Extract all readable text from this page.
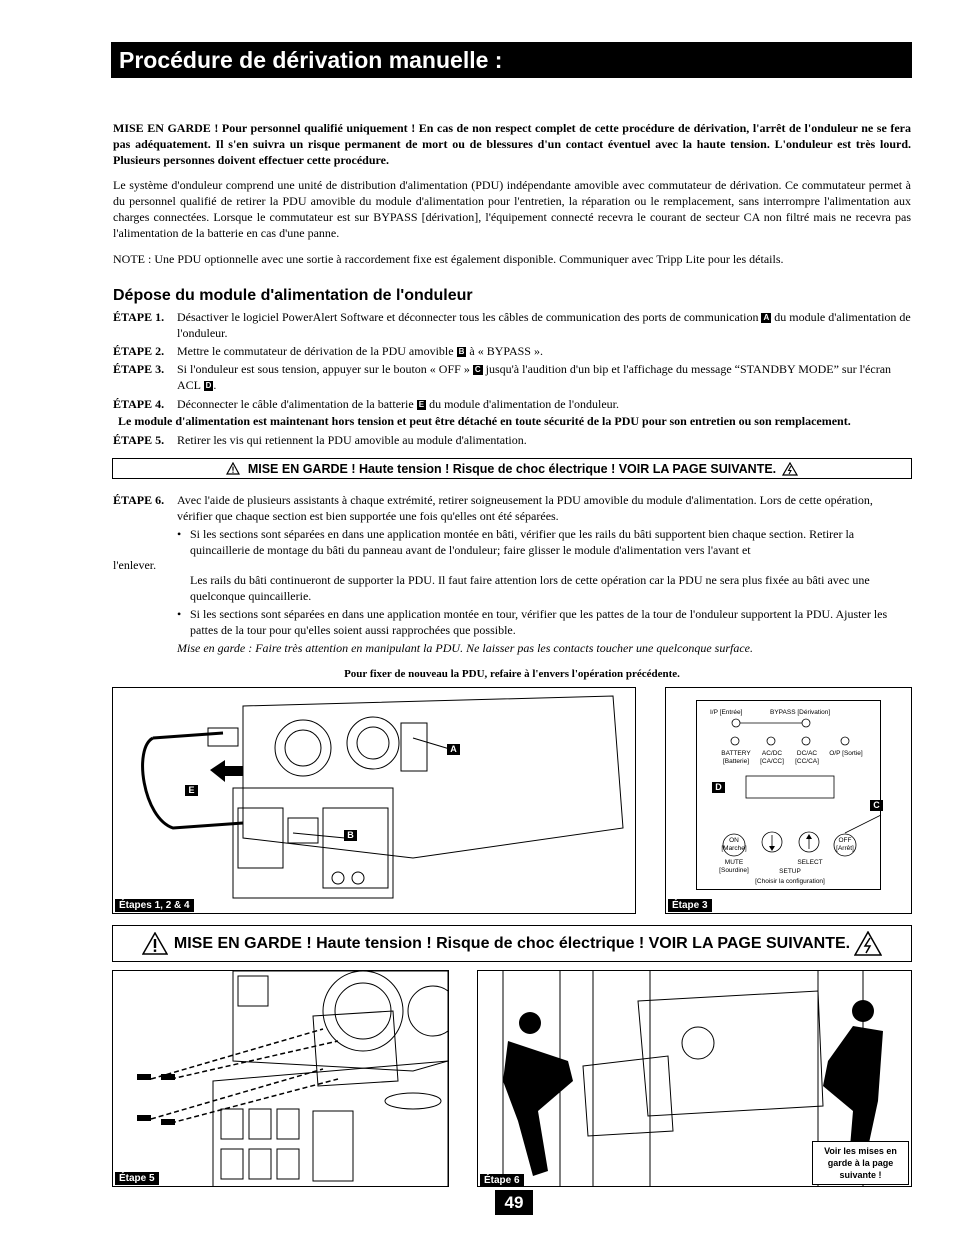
Procédure de dérivation manuelle :
MISE EN GARDE ! Pour personnel qualifié uniquement ! En cas de non respect complet de cette procédure de dérivation, l'arrêt de l'onduleur ne se fera pas adéquatement. Il s'en suivra un risque permanent de mort ou de blessures d'un contact éventuel avec la haute tension. L'onduleur est très lourd. Plusieurs personnes doivent effectuer cette procédure.
Le système d'onduleur comprend une unité de distribution d'alimentation (PDU) indépendante amovible avec commutateur de dérivation. Ce commutateur permet à du personnel qualifié de retirer la PDU amovible du module d'alimentation pour l'entretien, la réparation ou le remplacement, sans interrompre l'alimentation aux charges connectées. Lorsque le commutateur est sur BYPASS [dérivation], l'équipement connecté recevra le courant de secteur CA non filtré mais ne recevra pas l'alimentation de la batterie en cas d'une panne.
NOTE : Une PDU optionnelle avec une sortie à raccordement fixe est également disponible. Communiquer avec Tripp Lite pour les détails.
Dépose du module d'alimentation de l'onduleur
ÉTAPE 1. Désactiver le logiciel PowerAlert Software et déconnecter tous les câbles de communication des ports de communication A du module d'alimentation de l'onduleur.
ÉTAPE 2. Mettre le commutateur de dérivation de la PDU amovible B à « BYPASS ».
ÉTAPE 3. Si l'onduleur est sous tension, appuyer sur le bouton « OFF » C jusqu'à l'audition d'un bip et l'affichage du message “STANDBY MODE” sur l'écran ACL D .
ÉTAPE 4. Déconnecter le câble d'alimentation de la batterie E du module d'alimentation de l'onduleur.
Le module d'alimentation est maintenant hors tension et peut être détaché en toute sécurité de la PDU pour son entretien ou son remplacement.
ÉTAPE 5. Retirer les vis qui retiennent la PDU amovible au module d'alimentation.
MISE EN GARDE ! Haute tension ! Risque de choc électrique ! VOIR LA PAGE SUIVANTE.
ÉTAPE 6. Avec l'aide de plusieurs assistants à chaque extrémité, retirer soigneusement la PDU amovible du module d'alimentation. Lors de cette opération, vérifier que chaque section est bien supportée une fois qu'elles ont été séparées.
• Si les sections sont séparées en dans une application montée en bâti, vérifier que les rails du bâti supportent bien chaque section. Retirer la quincaillerie de montage du bâti du panneau avant de l'onduleur; faire glisser le module d'alimentation vers l'avant et
l'enlever.
Les rails du bâti continueront de supporter la PDU. Il faut faire attention lors de cette opération car la PDU ne sera plus fixée au bâti avec une quelconque quincaillerie.
• Si les sections sont séparées en dans une application montée en tour, vérifier que les pattes de la tour de l'onduleur supportent la PDU. Ajuster les pattes de la tour pour qu'elles soient aussi rapprochées que possible.
Mise en garde : Faire très attention en manipulant la PDU. Ne laisser pas les contacts toucher une quelconque surface.
Pour fixer de nouveau la PDU, refaire à l'envers l'opération précédente.
A
B
E
Étapes 1, 2 & 4
I/P [Entrée]	BYPASS [Dérivation]
BATTERY [Batterie]
AC/DC [CA/CC]
DC/AC [CC/CA]
O/P [Sortie]
ON [Marche]
OFF [Arrêt]
MUTE [Sourdine]
SELECT
SETUP
[Choisir la configuration]
D
C
Étape 3
MISE EN GARDE ! Haute tension ! Risque de choc électrique ! VOIR LA PAGE SUIVANTE.
Étape 5
Voir les mises en garde à la page suivante !
Étape 6
49
